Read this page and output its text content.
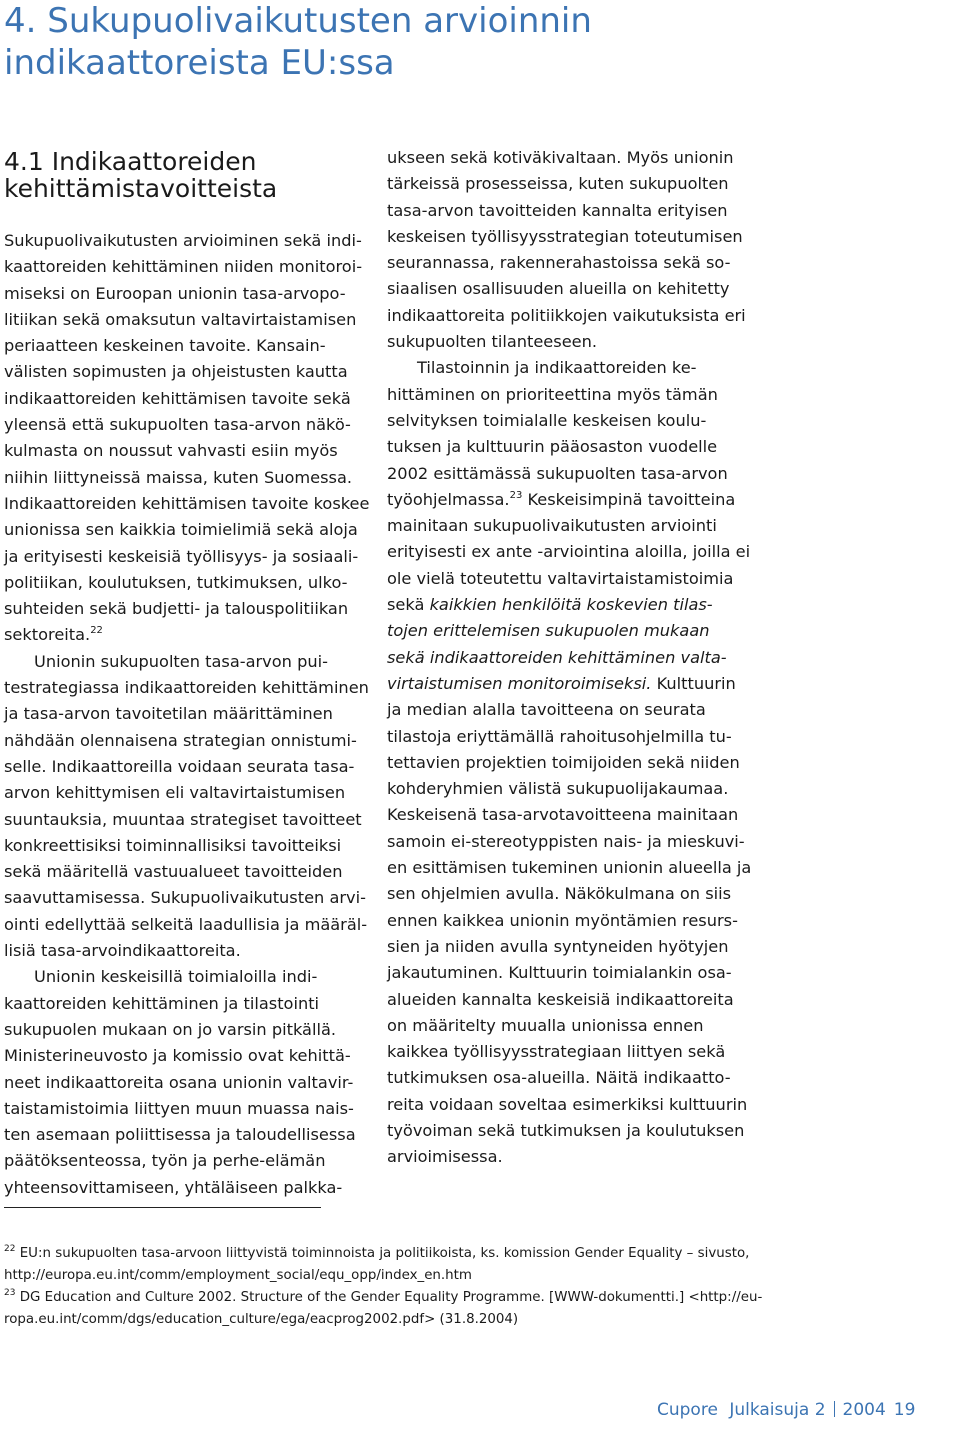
4. Sukupuolivaikutusten arvioinnin
indikaattoreista EU:ssa
4.1 Indikaattoreiden
kehittämistavoitteista
Sukupuolivaikutusten arvioiminen sekä indi-
kaattoreiden kehittäminen niiden monitoroi-
miseksi on Euroopan unionin tasa-arvopo-
litiikan sekä omaksutun valtavirtaistamisen
periaatteen keskeinen tavoite. Kansain-
välisten sopimusten ja ohjeistusten kautta
indikaattoreiden kehittämisen tavoite sekä
yleensä että sukupuolten tasa-arvon näkö-
kulmasta on noussut vahvasti esiin myös
niihin liittyneissä maissa, kuten Suomessa.
Indikaattoreiden kehittämisen tavoite koskee
unionissa sen kaikkia toimielimiä sekä aloja
ja erityisesti keskeisiä työllisyys- ja sosiaali-
politiikan, koulutuksen, tutkimuksen, ulko-
suhteiden sekä budjetti- ja talouspolitiikan
sektoreita.$^{22}$
Unionin sukupuolten tasa-arvon pui-
testrategiassa indikaattoreiden kehittäminen
ja tasa-arvon tavoitetilan määrittäminen
nähdään olennaisena strategian onnistumi-
selle. Indikaattoreilla voidaan seurata tasa-
arvon kehittymisen eli valtavirtaistumisen
suuntauksia, muuntaa strategiset tavoitteet
konkreettisiksi toiminnallisiksi tavoitteiksi
sekä määritellä vastuualueet tavoitteiden
saavuttamisessa. Sukupuolivaikutusten arvi-
ointi edellyttää selkeitä laadullisia ja määräl-
lisiä tasa-arvoindikaattoreita.
Unionin keskeisillä toimialoilla indi-
kaattoreiden kehittäminen ja tilastointi
sukupuolen mukaan on jo varsin pitkällä.
Ministerineuvosto ja komissio ovat kehittä-
neet indikaattoreita osana unionin valtavir-
taistamistoimia liittyen muun muassa nais-
ten asemaan poliittisessa ja taloudellisessa
päätöksenteossa, työn ja perhe-elämän
yhteensovittamiseen, yhtäläiseen palkka-
ukseen sekä kotiväkivaltaan. Myös unionin
tärkeissä prosesseissa, kuten sukupuolten
tasa-arvon tavoitteiden kannalta erityisen
keskeisen työllisyysstrategian toteutumisen
seurannassa, rakennerahastoissa sekä so-
siaalisen osallisuuden alueilla on kehitetty
indikaattoreita politiikkojen vaikutuksista eri
sukupuolten tilanteeseen.
Tilastoinnin ja indikaattoreiden ke-
hittäminen on prioriteettina myös tämän
selvityksen toimialalle keskeisen koulu-
tuksen ja kulttuurin pääosaston vuodelle
2002 esittämässä sukupuolten tasa-arvon
työohjelmassa.$^{23}$ Keskeisimpinä tavoitteina
mainitaan sukupuolivaikutusten arviointi
erityisesti ex ante -arviointina aloilla, joilla ei
ole vielä toteutettu valtavirtaistamistoimia
sekä kaikkien henkilöitä koskevien tilas-
tojen erittelemisen sukupuolen mukaan
sekä indikaattoreiden kehittäminen valta-
virtaistumisen monitoroimiseksi. Kulttuurin
ja median alalla tavoitteena on seurata
tilastoja eriyttämällä rahoitusohjelmilla tu-
tettavien projektien toimijoiden sekä niiden
kohderyhmien välistä sukupuolijakaumaa.
Keskeisenä tasa-arvotavoitteena mainitaan
samoin ei-stereotyppisten nais- ja mieskuvi-
en esittämisen tukeminen unionin alueella ja
sen ohjelmien avulla. Näkökulmana on siis
ennen kaikkea unionin myöntämien resurs-
sien ja niiden avulla syntyneiden hyötyjen
jakautuminen. Kulttuurin toimialankin osa-
alueiden kannalta keskeisiä indikaattoreita
on määritelty muualla unionissa ennen
kaikkea työllisyysstrategiaan liittyen sekä
tutkimuksen osa-alueilla. Näitä indikaatto-
reita voidaan soveltaa esimerkiksi kulttuurin
työvoiman sekä tutkimuksen ja koulutuksen
arvioimisessa.
$^{22}$ EU:n sukupuolten tasa-arvoon liittyvistä toiminnoista ja politiikoista, ks. komission Gender Equality – sivusto,
http://europa.eu.int/comm/employment_social/equ_opp/index_en.htm
$^{23}$ DG Education and Culture 2002. Structure of the Gender Equality Programme. [WWW-dokumentti.] <http://eu-
ropa.eu.int/comm/dgs/education_culture/ega/eacprog2002.pdf> (31.8.2004)
Cupore Julkaisuja 2 2004 19
